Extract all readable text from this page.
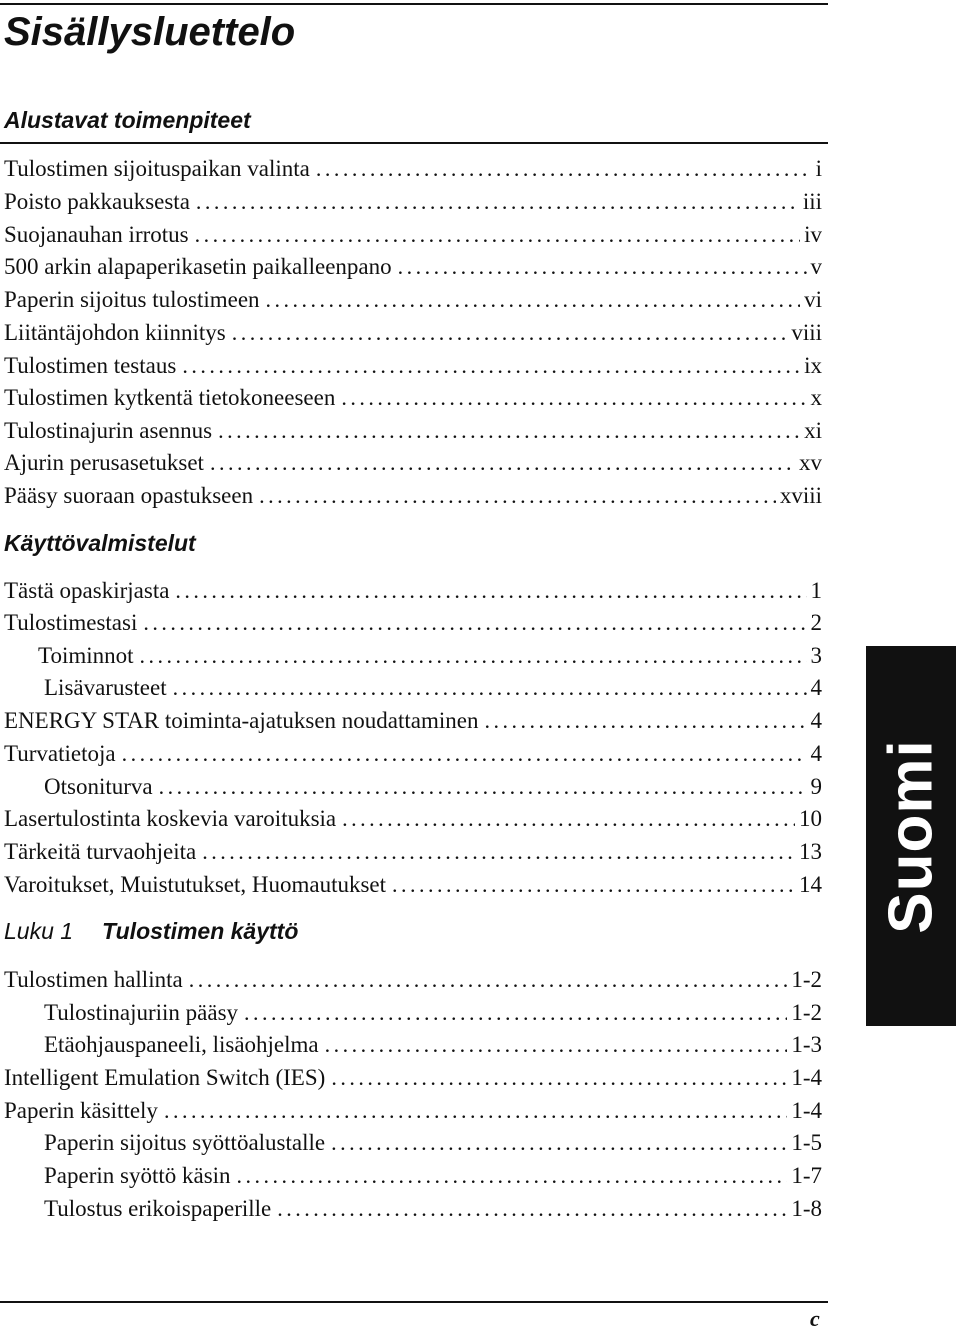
Sisällysluettelo
Alustavat toimenpiteet
Tulostimen sijoituspaikan valinta . . .	i
Poisto pakkauksesta . . .	iii
Suojanauhan irrotus . . .	iv
500 arkin alapaperikasetin paikalleenpano . . .	v
Paperin sijoitus tulostimeen . . .	vi
Liitäntäjohdon kiinnitys . . .	viii
Tulostimen testaus . . .	ix
Tulostimen kytkentä tietokoneeseen . . .	x
Tulostinajurin asennus . . .	xi
Ajurin perusasetukset . . .	xv
Pääsy suoraan opastukseen . . .	xviii
Käyttövalmistelut
Tästä opaskirjasta . . .	1
Tulostimestasi . . .	2
Toiminnot . . .	3
Lisävarusteet . . .	4
ENERGY STAR toiminta-ajatuksen noudattaminen . . .	4
Turvatietoja . . .	4
Otsoniturva . . .	9
Lasertulostinta koskevia varoituksia . . .	10
Tärkeitä turvaohjeita . . .	13
Varoitukset, Muistutukset, Huomautukset . . .	14
Luku 1 Tulostimen käyttö
Tulostimen hallinta . . .	1-2
Tulostinajuriin pääsy . . .	1-2
Etäohjauspaneeli, lisäohjelma . . .	1-3
Intelligent Emulation Switch (IES) . . .	1-4
Paperin käsittely . . .	1-4
Paperin sijoitus syöttöalustalle . . .	1-5
Paperin syöttö käsin . . .	1-7
Tulostus erikoispaperille . . .	1-8
Suomi
c
